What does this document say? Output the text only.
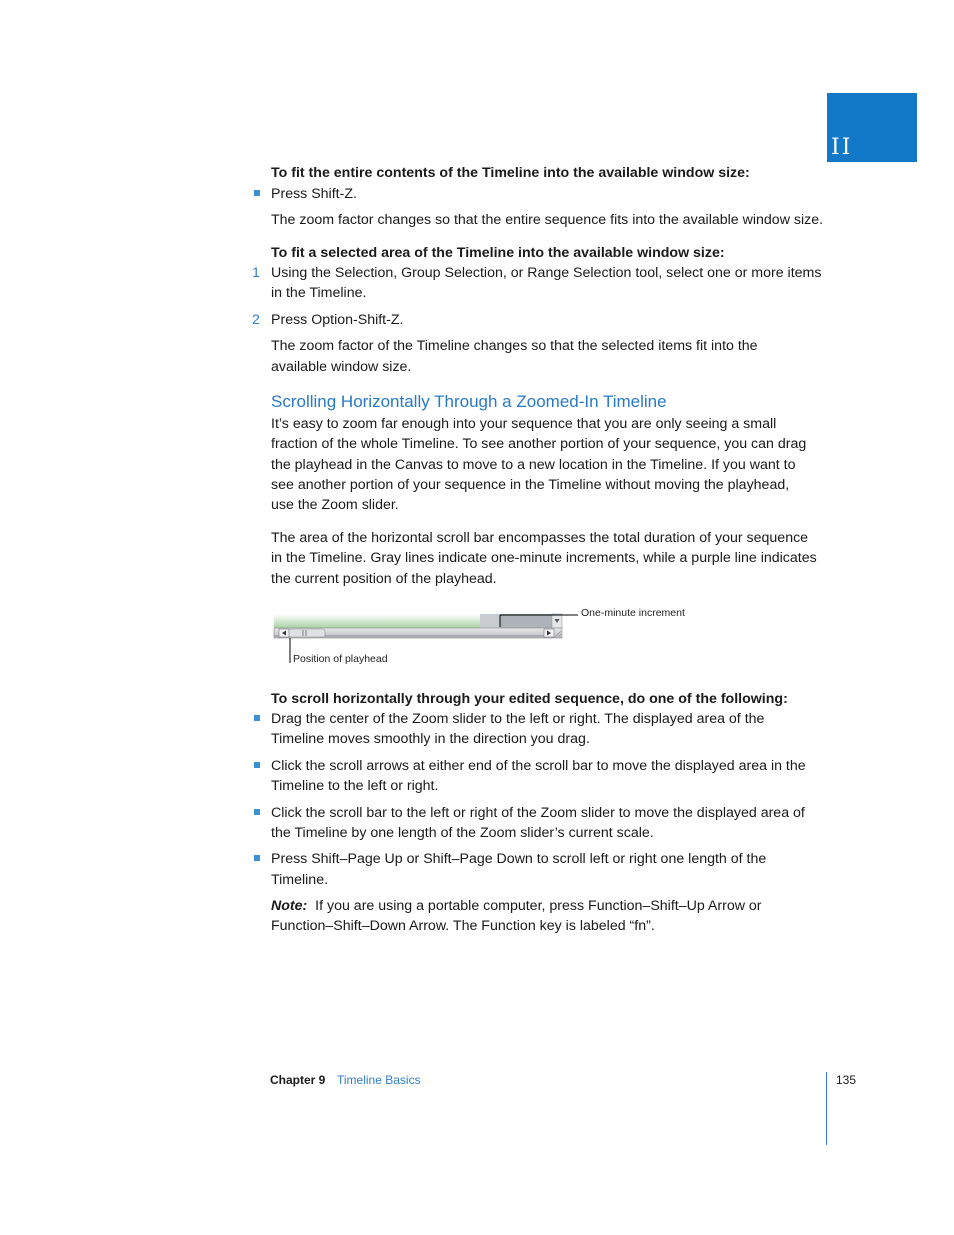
II
To fit the entire contents of the Timeline into the available window size:
Press Shift-Z.
The zoom factor changes so that the entire sequence fits into the available window size.
To fit a selected area of the Timeline into the available window size:
1 Using the Selection, Group Selection, or Range Selection tool, select one or more items
in the Timeline.
2 Press Option-Shift-Z.
The zoom factor of the Timeline changes so that the selected items fit into the
available window size.
Scrolling Horizontally Through a Zoomed-In Timeline
It’s easy to zoom far enough into your sequence that you are only seeing a small
fraction of the whole Timeline. To see another portion of your sequence, you can drag
the playhead in the Canvas to move to a new location in the Timeline. If you want to
see another portion of your sequence in the Timeline without moving the playhead,
use the Zoom slider.
The area of the horizontal scroll bar encompasses the total duration of your sequence
in the Timeline. Gray lines indicate one-minute increments, while a purple line indicates
the current position of the playhead.
One-minute increment
Position of playhead
To scroll horizontally through your edited sequence, do one of the following:
Drag the center of the Zoom slider to the left or right. The displayed area of the
Timeline moves smoothly in the direction you drag.
Click the scroll arrows at either end of the scroll bar to move the displayed area in the
Timeline to the left or right.
Click the scroll bar to the left or right of the Zoom slider to move the displayed area of
the Timeline by one length of the Zoom slider’s current scale.
Press Shift–Page Up or Shift–Page Down to scroll left or right one length of the
Timeline.
Note: If you are using a portable computer, press Function–Shift–Up Arrow or
Function–Shift–Down Arrow. The Function key is labeled “fn”.
Chapter 9 Timeline Basics	135
